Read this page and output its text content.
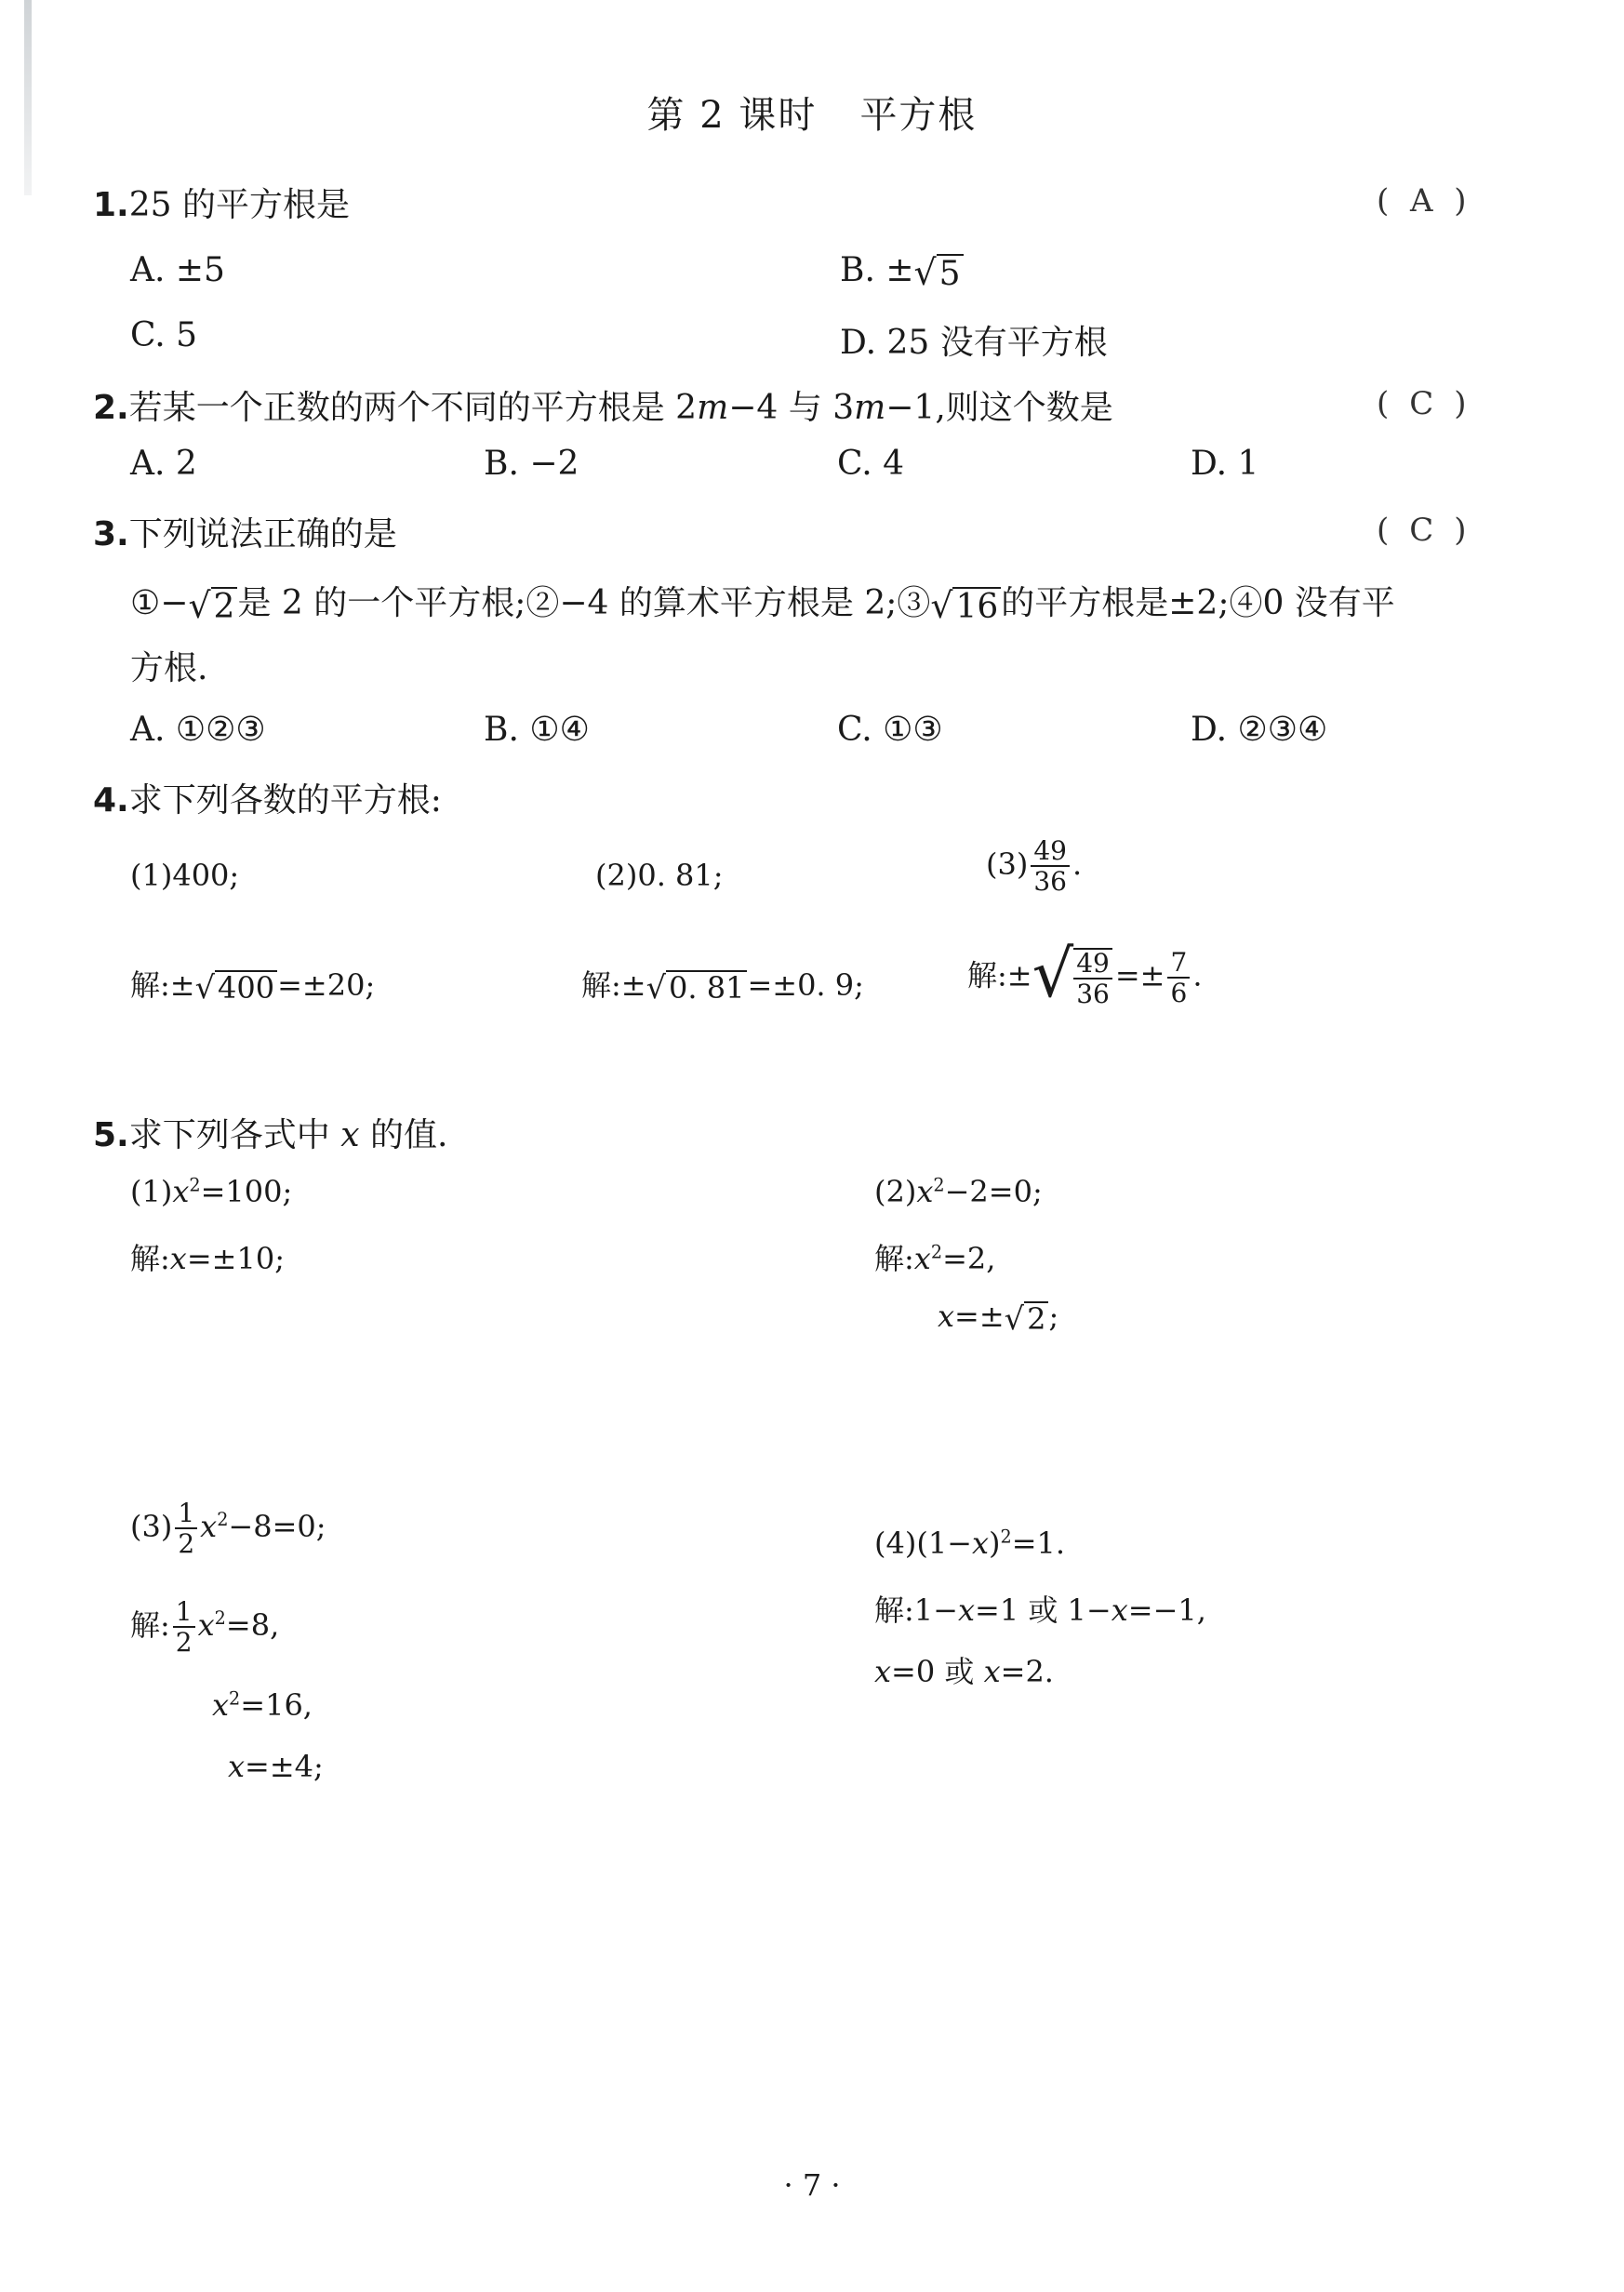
第 2 课时 平方根
1.25 的平方根是	( A )
A. ±5	B. ±√5
C. 5	D. 25 没有平方根
2.若某一个正数的两个不同的平方根是 2m−4 与 3m−1,则这个数是	( C )
A. 2	B. −2	C. 4	D. 1
3.下列说法正确的是	( C )
①−√2是 2 的一个平方根;②−4 的算术平方根是 2;③√16的平方根是±2;④0 没有平
方根.
A. ①②③	B. ①④	C. ①③	D. ②③④
4.求下列各数的平方根:
(1)400;	(2)0. 81;	$(3) \frac{49}{36}$ .
解:±√400=±20;	解:±√0. 81=±0. 9;	解:±√ $\frac{49}{36} =\pm \frac{7}{6}$ .
5.求下列各式中 x 的值.
$(1)x^2=100$;
解:x=±10;
$(2)x^2-2=0$;
解$:x^2=2$,
x=±√2;
$(3) \frac{1}{2} x^2-8=0$;
解: $\frac{1}{2} x^2=8$,
$x^2=16$,
x=±4;
$(4)(1-x)^2=1$.
解:1−x=1 或 1−x=−1,
x=0 或 x=2.
· 7 ·
